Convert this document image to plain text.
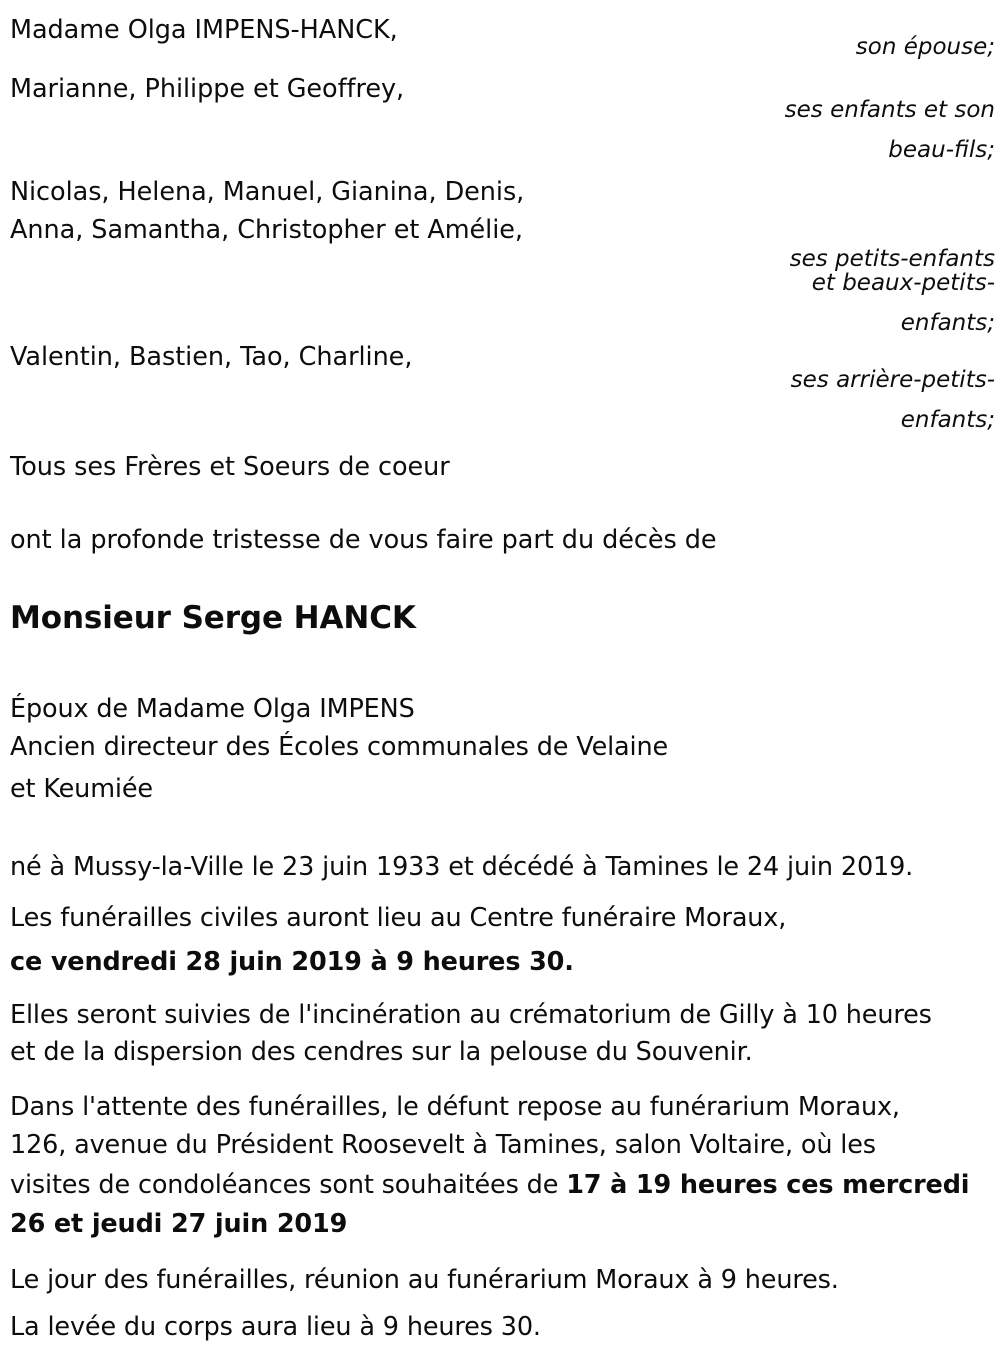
Madame Olga IMPENS-HANCK,
son épouse;
Marianne, Philippe et Geoffrey,
ses enfants et son
beau-fils;
Nicolas, Helena, Manuel, Gianina, Denis,
Anna, Samantha, Christopher et Amélie,
ses petits-enfants
et beaux-petits-
enfants;
Valentin, Bastien, Tao, Charline,
ses arrière-petits-
enfants;
Tous ses Frères et Soeurs de coeur
ont la profonde tristesse de vous faire part du décès de
Monsieur Serge HANCK
Époux de Madame Olga IMPENS
Ancien directeur des Écoles communales de Velaine
et Keumiée
né à Mussy-la-Ville le 23 juin 1933 et décédé à Tamines le 24 juin 2019.
Les funérailles civiles auront lieu au Centre funéraire Moraux,
ce vendredi 28 juin 2019 à 9 heures 30.
Elles seront suivies de l'incinération au crématorium de Gilly à 10 heures
et de la dispersion des cendres sur la pelouse du Souvenir.
Dans l'attente des funérailles, le défunt repose au funérarium Moraux,
126, avenue du Président Roosevelt à Tamines, salon Voltaire, où les
visites de condoléances sont souhaitées de 17 à 19 heures ces mercredi
26 et jeudi 27 juin 2019
Le jour des funérailles, réunion au funérarium Moraux à 9 heures.
La levée du corps aura lieu à 9 heures 30.
